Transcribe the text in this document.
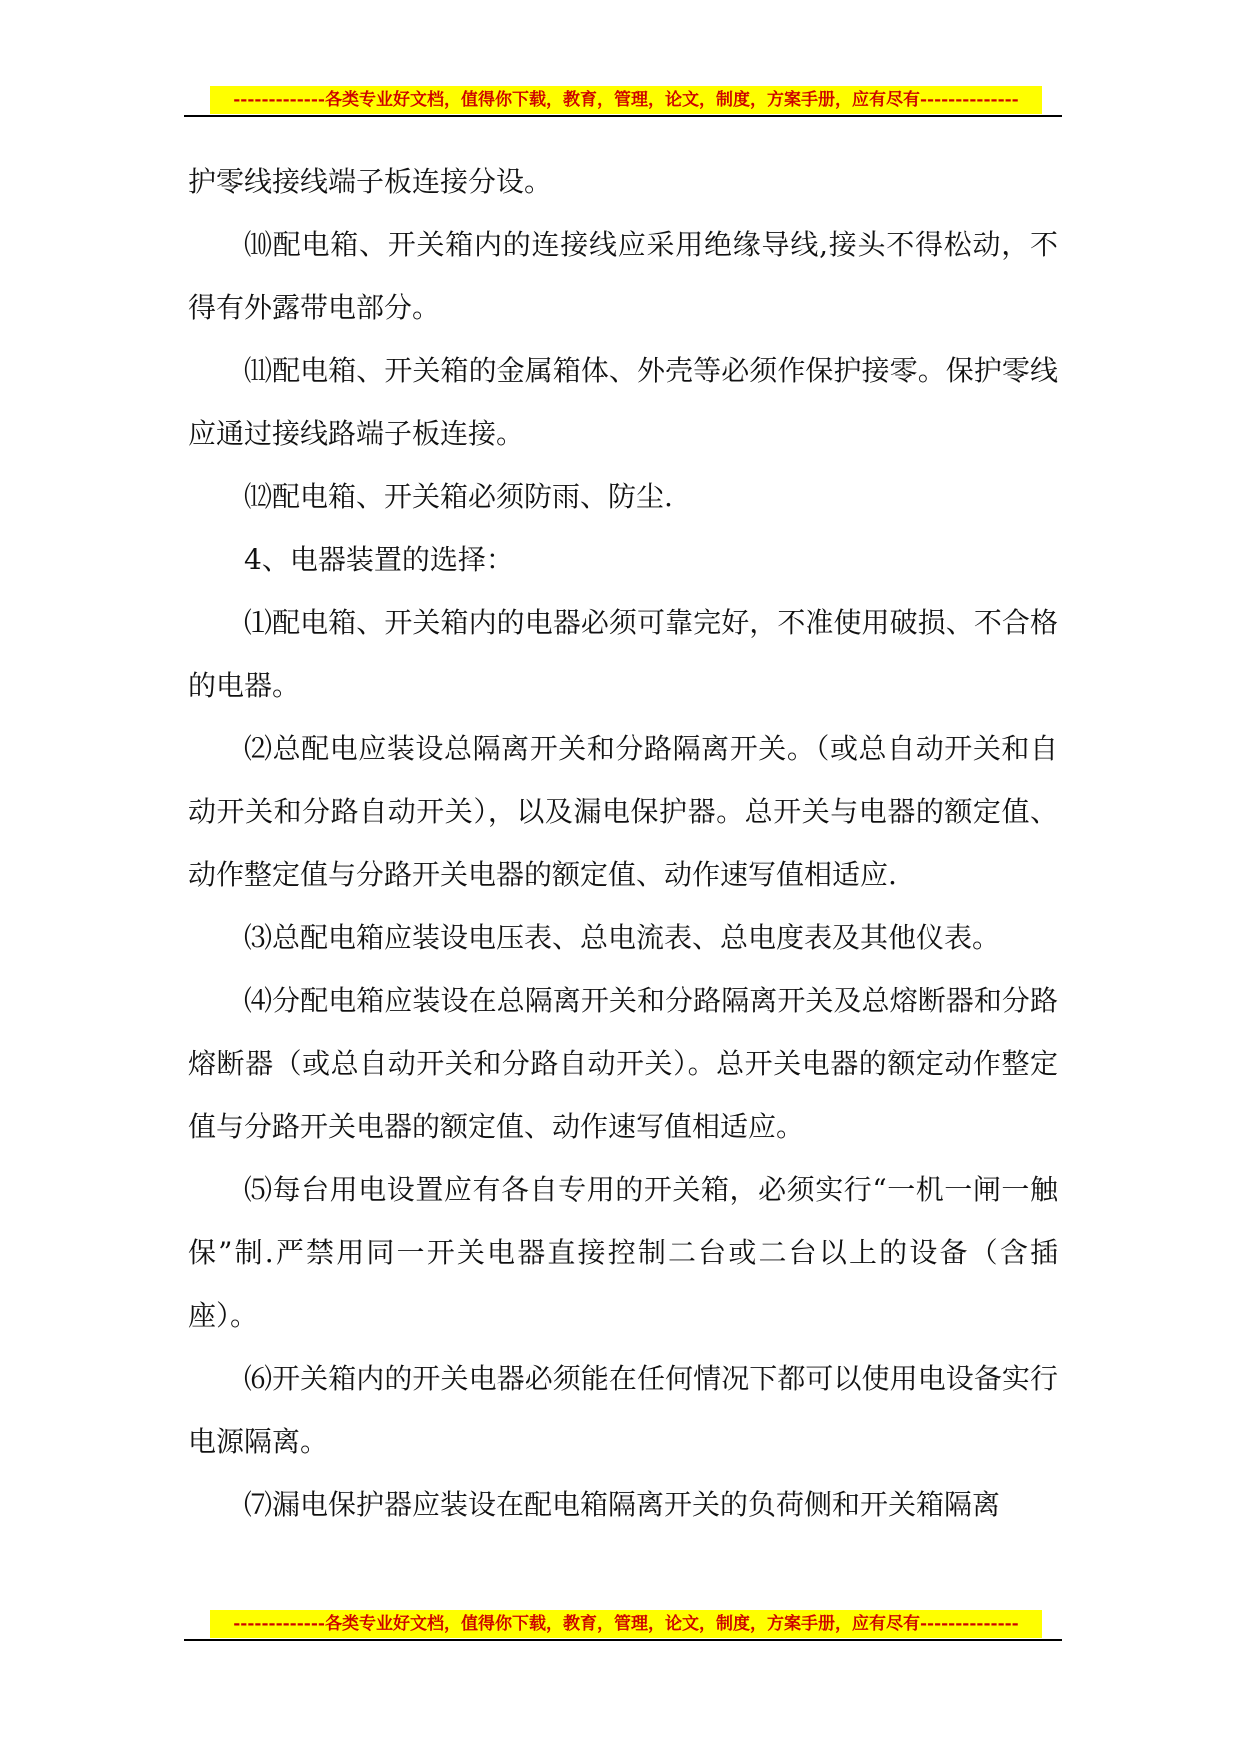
-------------各类专业好文档，值得你下载，教育，管理，论文，制度，方案手册，应有尽有--------------

护零线接线端子板连接分设。

⑽配电箱、开关箱内的连接线应采用绝缘导线,接头不得松动，不得有外露带电部分。

⑾配电箱、开关箱的金属箱体、外壳等必须作保护接零。保护零线应通过接线路端子板连接。

⑿配电箱、开关箱必须防雨、防尘.

4、电器装置的选择：

⑴配电箱、开关箱内的电器必须可靠完好，不准使用破损、不合格的电器。

⑵总配电应装设总隔离开关和分路隔离开关。（或总自动开关和自动开关和分路自动开关），以及漏电保护器。总开关与电器的额定值、动作整定值与分路开关电器的额定值、动作速写值相适应.

⑶总配电箱应装设电压表、总电流表、总电度表及其他仪表。

⑷分配电箱应装设在总隔离开关和分路隔离开关及总熔断器和分路熔断器（或总自动开关和分路自动开关）。总开关电器的额定动作整定值与分路开关电器的额定值、动作速写值相适应。

⑸每台用电设置应有各自专用的开关箱，必须实行“一机一闸一触保”制.严禁用同一开关电器直接控制二台或二台以上的设备（含插座）。

⑹开关箱内的开关电器必须能在任何情况下都可以使用电设备实行电源隔离。

⑺漏电保护器应装设在配电箱隔离开关的负荷侧和开关箱隔离

-------------各类专业好文档，值得你下载，教育，管理，论文，制度，方案手册，应有尽有--------------
